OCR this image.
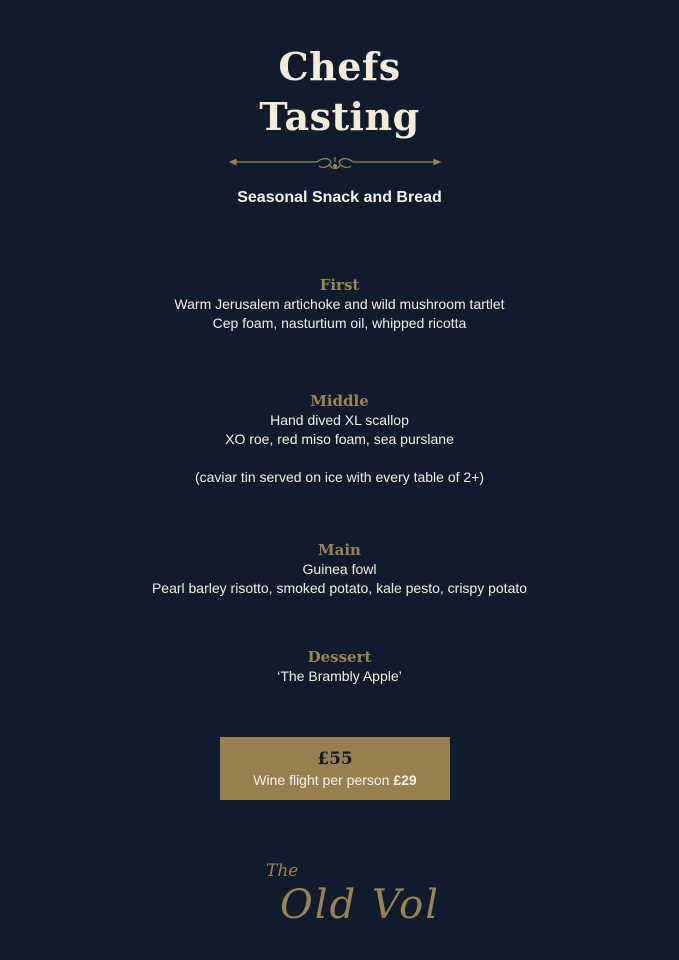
Chefs
Tasting
Seasonal Snack and Bread
First
Warm Jerusalem artichoke and wild mushroom tartlet
Cep foam, nasturtium oil, whipped ricotta
Middle
Hand dived XL scallop
XO roe, red miso foam, sea purslane
(caviar tin served on ice with every table of 2+)
Main
Guinea fowl
Pearl barley risotto, smoked potato, kale pesto, crispy potato
Dessert
‘The Brambly Apple’
£55
Wine flight per person £29
The
Old Vol
